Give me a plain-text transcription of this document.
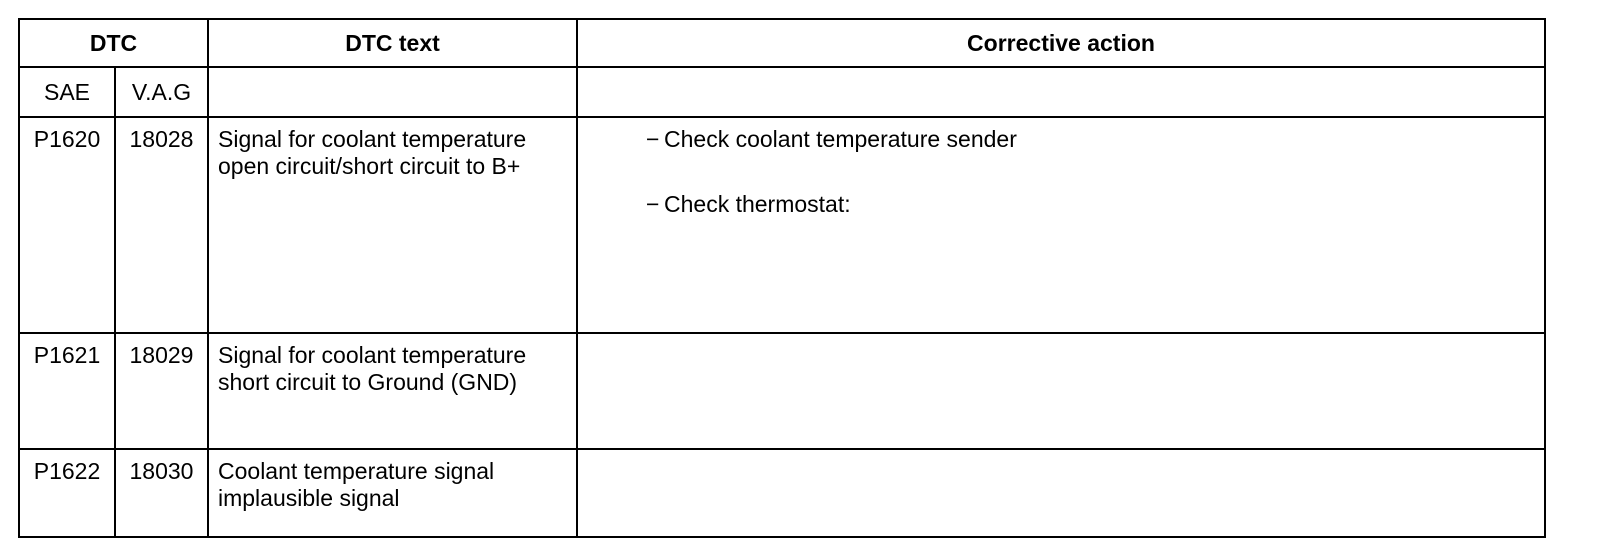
DTC		DTC text	Corrective action
SAE	V.A.G		
P1620	18028	Signal for coolant temperature open circuit/short circuit to B+	− Check coolant temperature sender
− Check thermostat:

P1621	18029	Signal for coolant temperature short circuit to Ground (GND)	
P1622	18030	Coolant temperature signal implausible signal	
